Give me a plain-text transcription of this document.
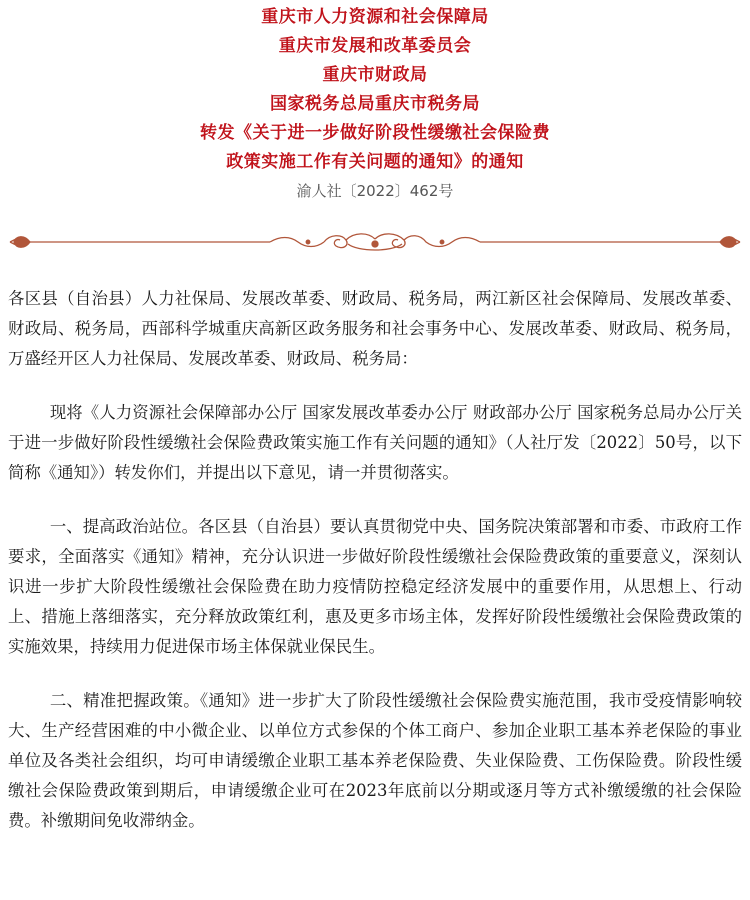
重庆市人力资源和社会保障局
重庆市发展和改革委员会
重庆市财政局
国家税务总局重庆市税务局
转发《关于进一步做好阶段性缓缴社会保险费
政策实施工作有关问题的通知》的通知
渝人社〔2022〕462号

各区县（自治县）人力社保局、发展改革委、财政局、税务局，两江新区社会保障局、发展改革委、财政局、税务局，西部科学城重庆高新区政务服务和社会事务中心、发展改革委、财政局、税务局，万盛经开区人力社保局、发展改革委、财政局、税务局：

现将《人力资源社会保障部办公厅 国家发展改革委办公厅 财政部办公厅 国家税务总局办公厅关于进一步做好阶段性缓缴社会保险费政策实施工作有关问题的通知》（人社厅发〔2022〕50号，以下简称《通知》）转发你们，并提出以下意见，请一并贯彻落实。

一、提高政治站位。各区县（自治县）要认真贯彻党中央、国务院决策部署和市委、市政府工作要求，全面落实《通知》精神，充分认识进一步做好阶段性缓缴社会保险费政策的重要意义，深刻认识进一步扩大阶段性缓缴社会保险费在助力疫情防控稳定经济发展中的重要作用，从思想上、行动上、措施上落细落实，充分释放政策红利，惠及更多市场主体，发挥好阶段性缓缴社会保险费政策的实施效果，持续用力促进保市场主体保就业保民生。

二、精准把握政策。《通知》进一步扩大了阶段性缓缴社会保险费实施范围，我市受疫情影响较大、生产经营困难的中小微企业、以单位方式参保的个体工商户、参加企业职工基本养老保险的事业单位及各类社会组织，均可申请缓缴企业职工基本养老保险费、失业保险费、工伤保险费。阶段性缓缴社会保险费政策到期后，申请缓缴企业可在2023年底前以分期或逐月等方式补缴缓缴的社会保险费。补缴期间免收滞纳金。
